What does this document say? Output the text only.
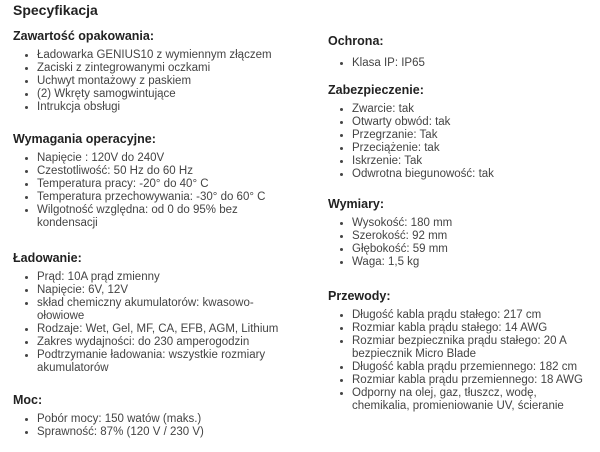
Specyfikacja
Zawartość opakowania:
Ładowarka GENIUS10 z wymiennym złączem
Zaciski z zintegrowanymi oczkami
Uchwyt montażowy z paskiem
(2) Wkręty samogwintujące
Intrukcja obsługi
Wymagania operacyjne:
Napięcie : 120V do 240V
Czestotliwość: 50 Hz do 60 Hz
Temperatura pracy: -20° do 40° C
Temperatura przechowywania: -30° do 60° C
Wilgotność względna: od 0 do 95% bez kondensacji
Ładowanie:
Prąd: 10A prąd zmienny
Napięcie: 6V, 12V
skład chemiczny akumulatorów: kwasowo-ołowiowe
Rodzaje: Wet, Gel, MF, CA, EFB, AGM, Lithium
Zakres wydajności: do 230 amperogodzin
Podtrzymanie ładowania: wszystkie rozmiary akumulatorów
Moc:
Pobór mocy: 150 watów (maks.)
Sprawność: 87% (120 V / 230 V)
Ochrona:
Klasa IP: IP65
Zabezpieczenie:
Zwarcie: tak
Otwarty obwód: tak
Przegrzanie: Tak
Przeciążenie: tak
Iskrzenie: Tak
Odwrotna biegunowość: tak
Wymiary:
Wysokość: 180 mm
Szerokość: 92 mm
Głębokość: 59 mm
Waga: 1,5 kg
Przewody:
Długość kabla prądu stałego: 217 cm
Rozmiar kabla prądu stałego: 14 AWG
Rozmiar bezpiecznika prądu stałego: 20 A bezpiecznik Micro Blade
Długość kabla prądu przemiennego: 182 cm
Rozmiar kabla prądu przemiennego: 18 AWG
Odporny na olej, gaz, tłuszcz, wodę, chemikalia, promieniowanie UV, ścieranie
